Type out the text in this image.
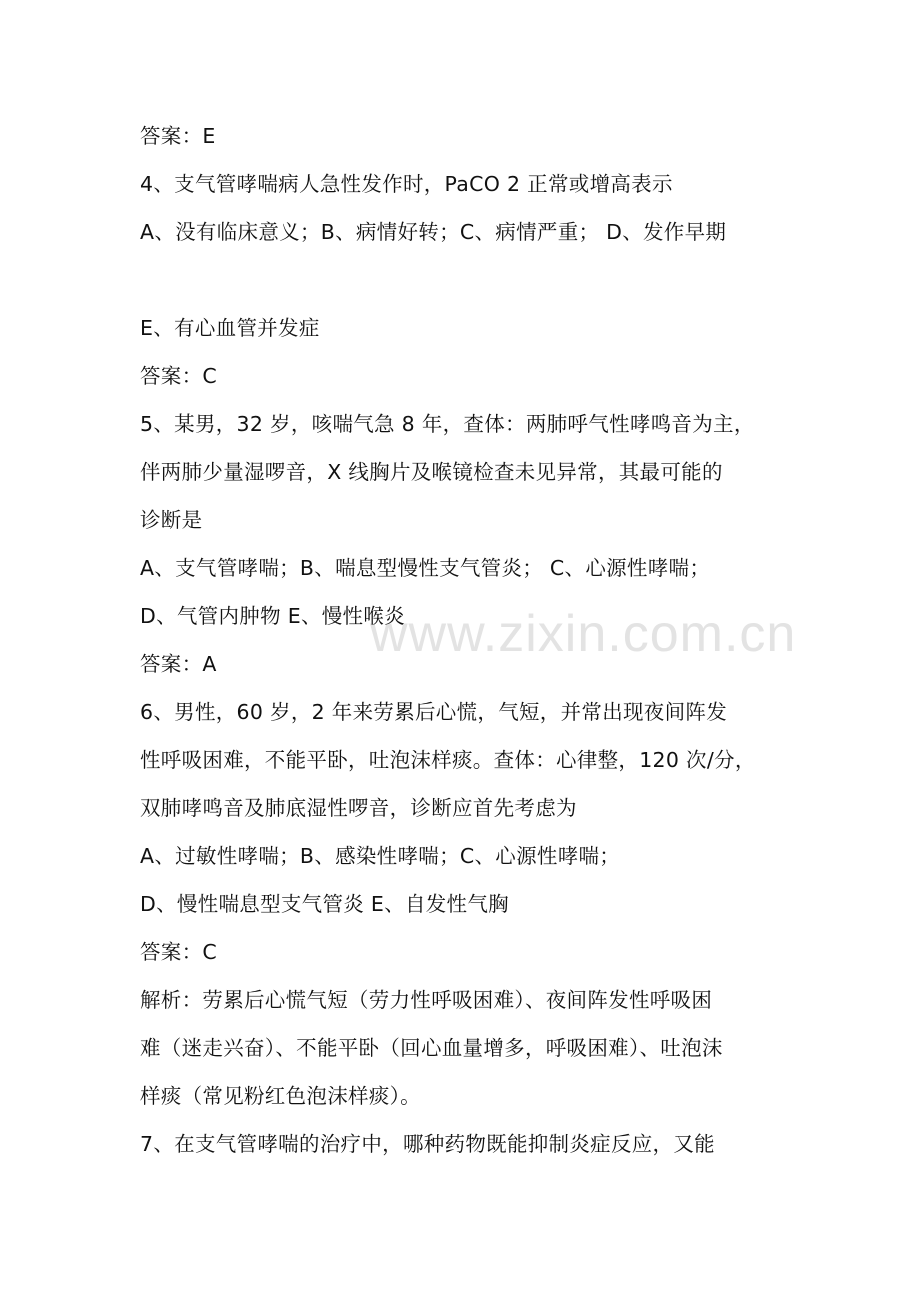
www.zixin.com.cn
答案：E
4、支气管哮喘病人急性发作时，PaCO 2 正常或增高表示
A、没有临床意义；B、病情好转；C、病情严重； D、发作早期
E、有心血管并发症
答案：C
5、某男，32 岁，咳喘气急 8 年，查体：两肺呼气性哮鸣音为主，
伴两肺少量湿啰音，X 线胸片及喉镜检查未见异常，其最可能的
诊断是
A、支气管哮喘；B、喘息型慢性支气管炎； C、心源性哮喘；
D、气管内肿物 E、慢性喉炎
答案：A
6、男性，60 岁，2 年来劳累后心慌，气短，并常出现夜间阵发
性呼吸困难，不能平卧，吐泡沫样痰。查体：心律整，120 次/分，
双肺哮鸣音及肺底湿性啰音，诊断应首先考虑为
A、过敏性哮喘；B、感染性哮喘；C、心源性哮喘；
D、慢性喘息型支气管炎 E、自发性气胸
答案：C
解析：劳累后心慌气短（劳力性呼吸困难）、夜间阵发性呼吸困
难（迷走兴奋）、不能平卧（回心血量增多，呼吸困难）、吐泡沫
样痰（常见粉红色泡沫样痰）。
7、在支气管哮喘的治疗中，哪种药物既能抑制炎症反应，又能
